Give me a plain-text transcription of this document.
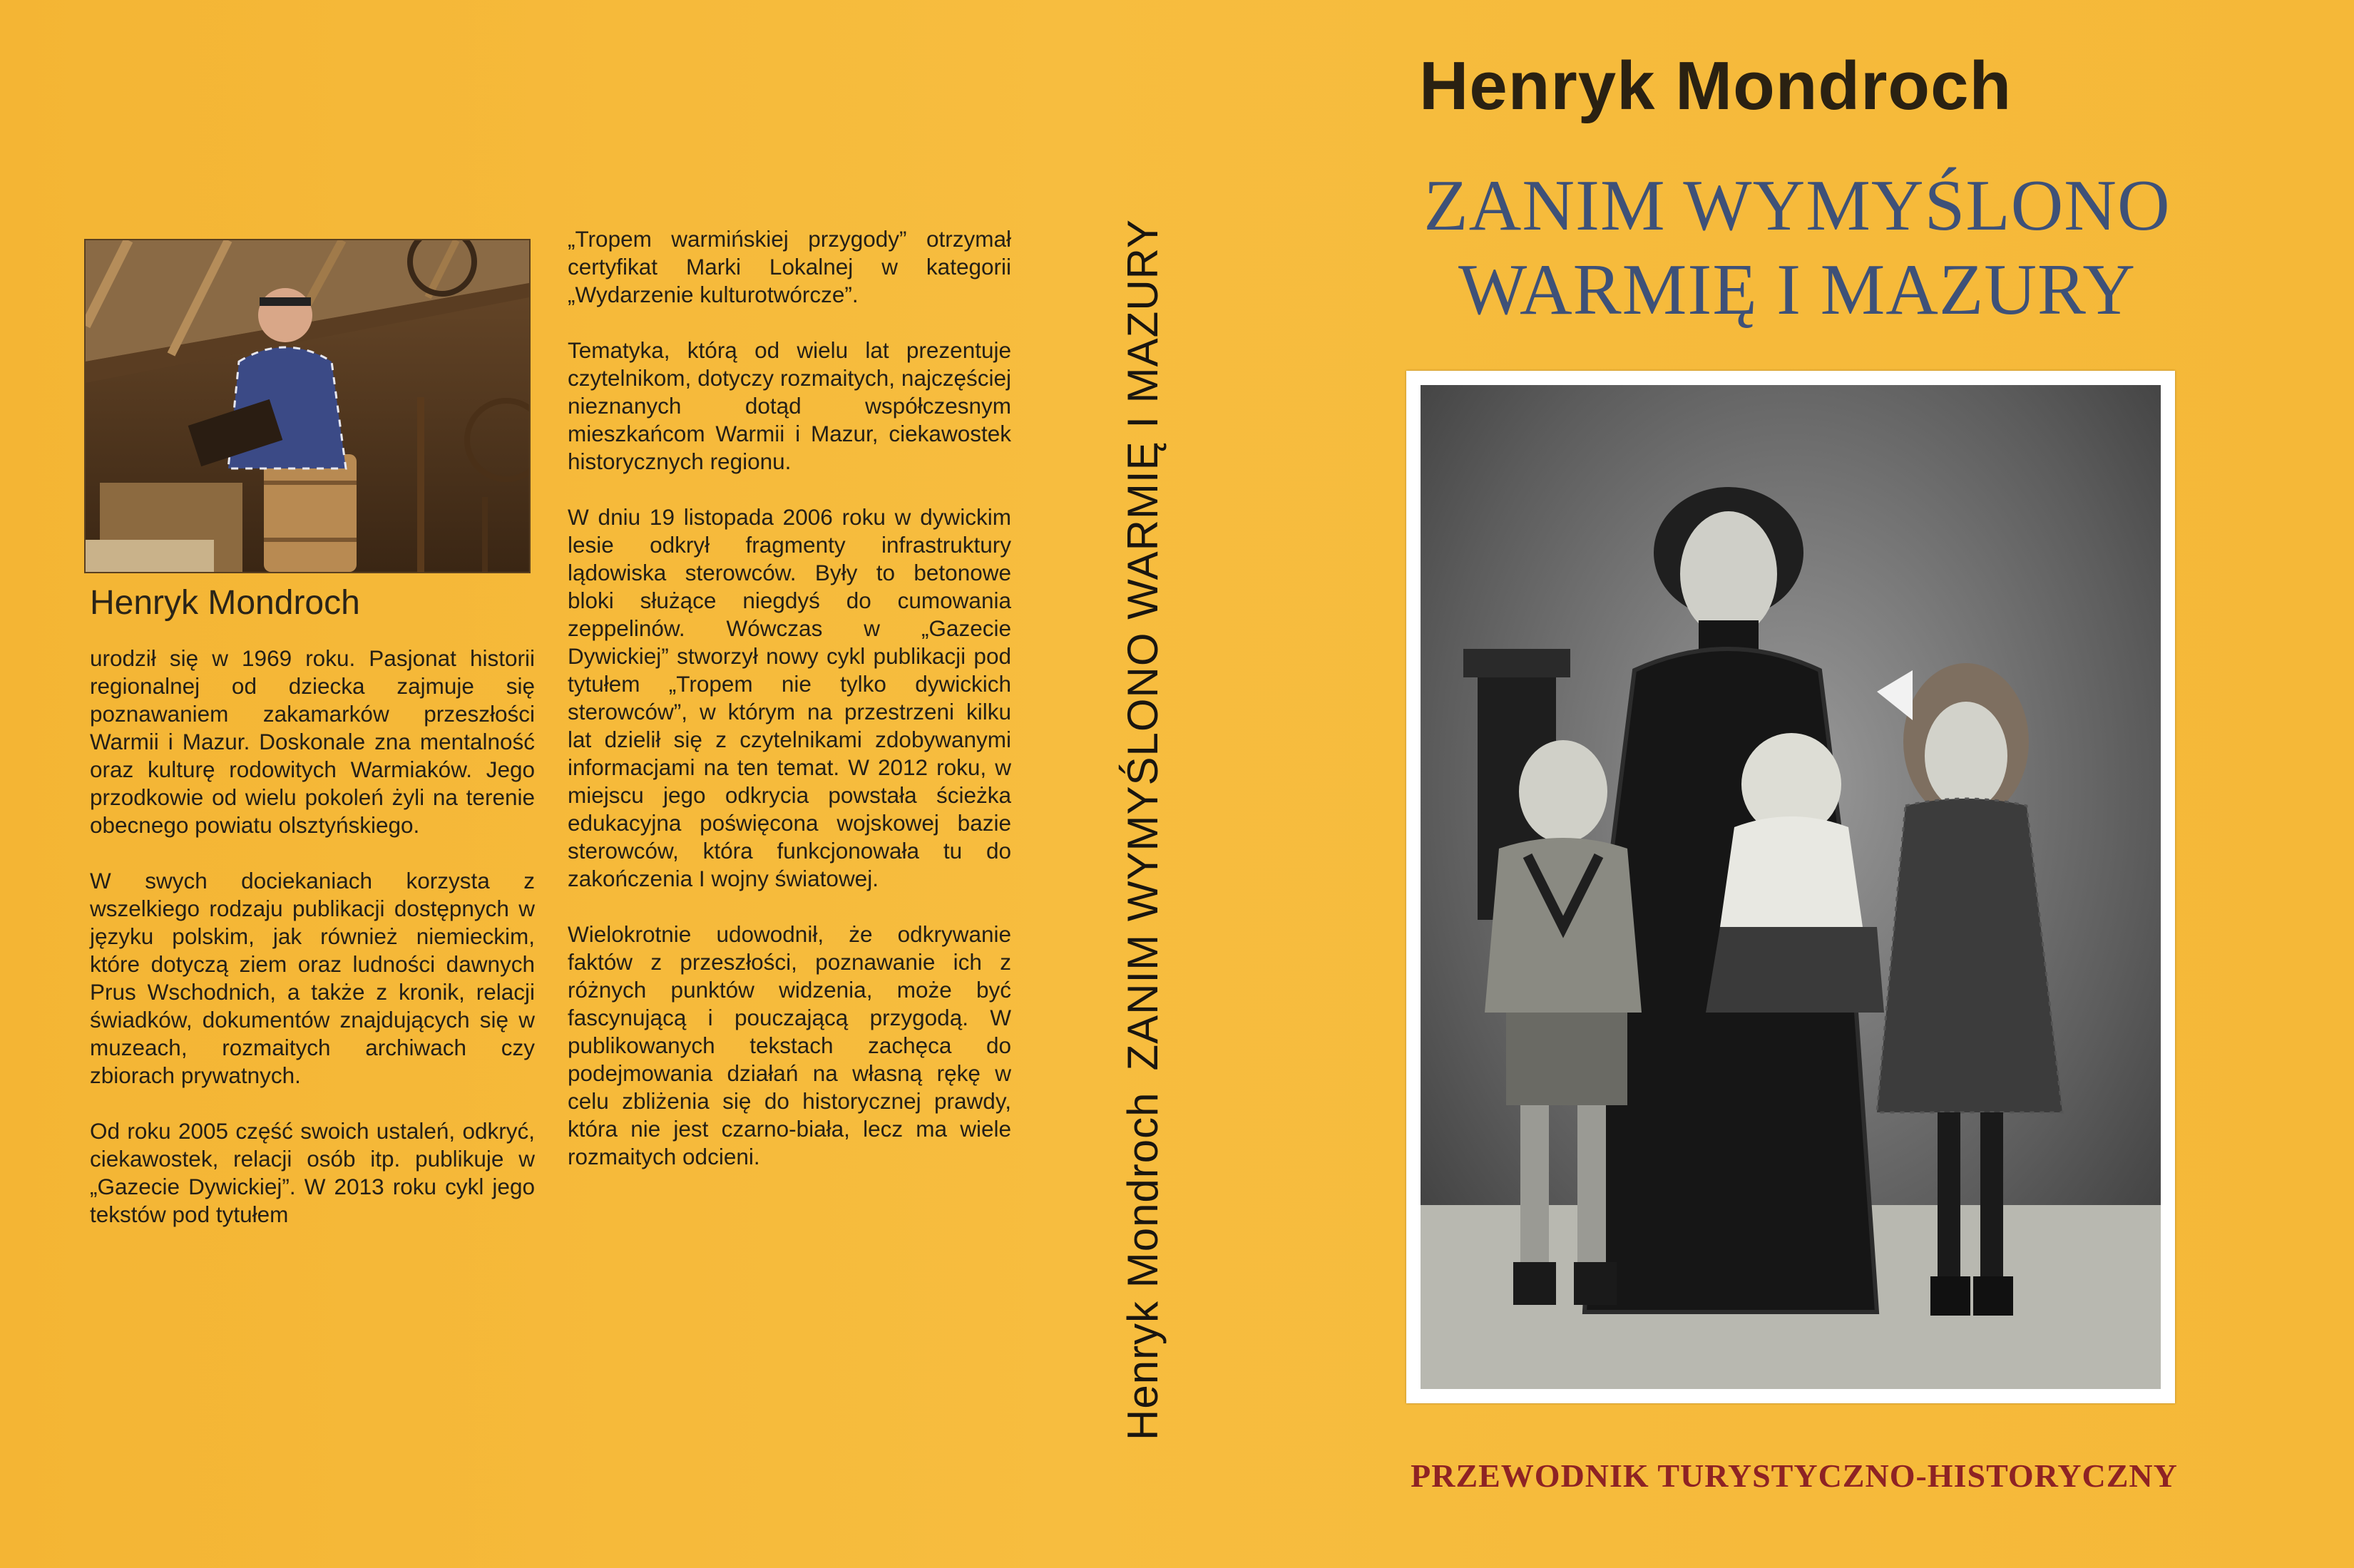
Henryk Mondroch

urodził się w 1969 roku. Pasjonat historii regionalnej od dziecka zajmuje się poznawaniem zakamarków przeszłości Warmii i Mazur. Doskonale zna mentalność oraz kulturę rodowitych Warmiaków. Jego przodkowie od wielu pokoleń żyli na terenie obecnego powiatu olsztyńskiego.

W swych dociekaniach korzysta z wszelkiego rodzaju publikacji dostępnych w języku polskim, jak również niemieckim, które dotyczą ziem oraz ludności dawnych Prus Wschodnich, a także z kronik, relacji świadków, dokumentów znajdujących się w muzeach, rozmaitych archiwach czy zbiorach prywatnych.

Od roku 2005 część swoich ustaleń, odkryć, ciekawostek, relacji osób itp. publikuje w „Gazecie Dywickiej”. W 2013 roku cykl jego tekstów pod tytułem

„Tropem warmińskiej przygody” otrzymał certyfikat Marki Lokalnej w kategorii „Wydarzenie kulturotwórcze”.

Tematyka, którą od wielu lat prezentuje czytelnikom, dotyczy rozmaitych, najczęściej nieznanych dotąd współczesnym mieszkańcom Warmii i Mazur, ciekawostek historycznych regionu.

W dniu 19 listopada 2006 roku w dywickim lesie odkrył fragmenty infrastruktury lądowiska sterowców. Były to betonowe bloki służące niegdyś do cumowania zeppelinów. Wówczas w „Gazecie Dywickiej” stworzył nowy cykl publikacji pod tytułem „Tropem nie tylko dywickich sterowców”, w którym na przestrzeni kilku lat dzielił się z czytelnikami zdobywanymi informacjami na ten temat. W 2012 roku, w miejscu jego odkrycia powstała ścieżka edukacyjna poświęcona wojskowej bazie sterowców, która funkcjonowała tu do zakończenia I wojny światowej.

Wielokrotnie udowodnił, że odkrywanie faktów z przeszłości, poznawanie ich z różnych punktów widzenia, może być fascynującą i pouczającą przygodą. W publikowanych tekstach zachęca do podejmowania działań na własną rękę w celu zbliżenia się do historycznej prawdy, która nie jest czarno-biała, lecz ma wiele rozmaitych odcieni.	Henryk Mondroch
ZANIM WYMYŚLONO WARMIĘ I MAZURY
Henryk Mondroch
ZANIM WYMYŚLONO
WARMIĘ I MAZURY
PRZEWODNIK TURYSTYCZNO-HISTORYCZNY
